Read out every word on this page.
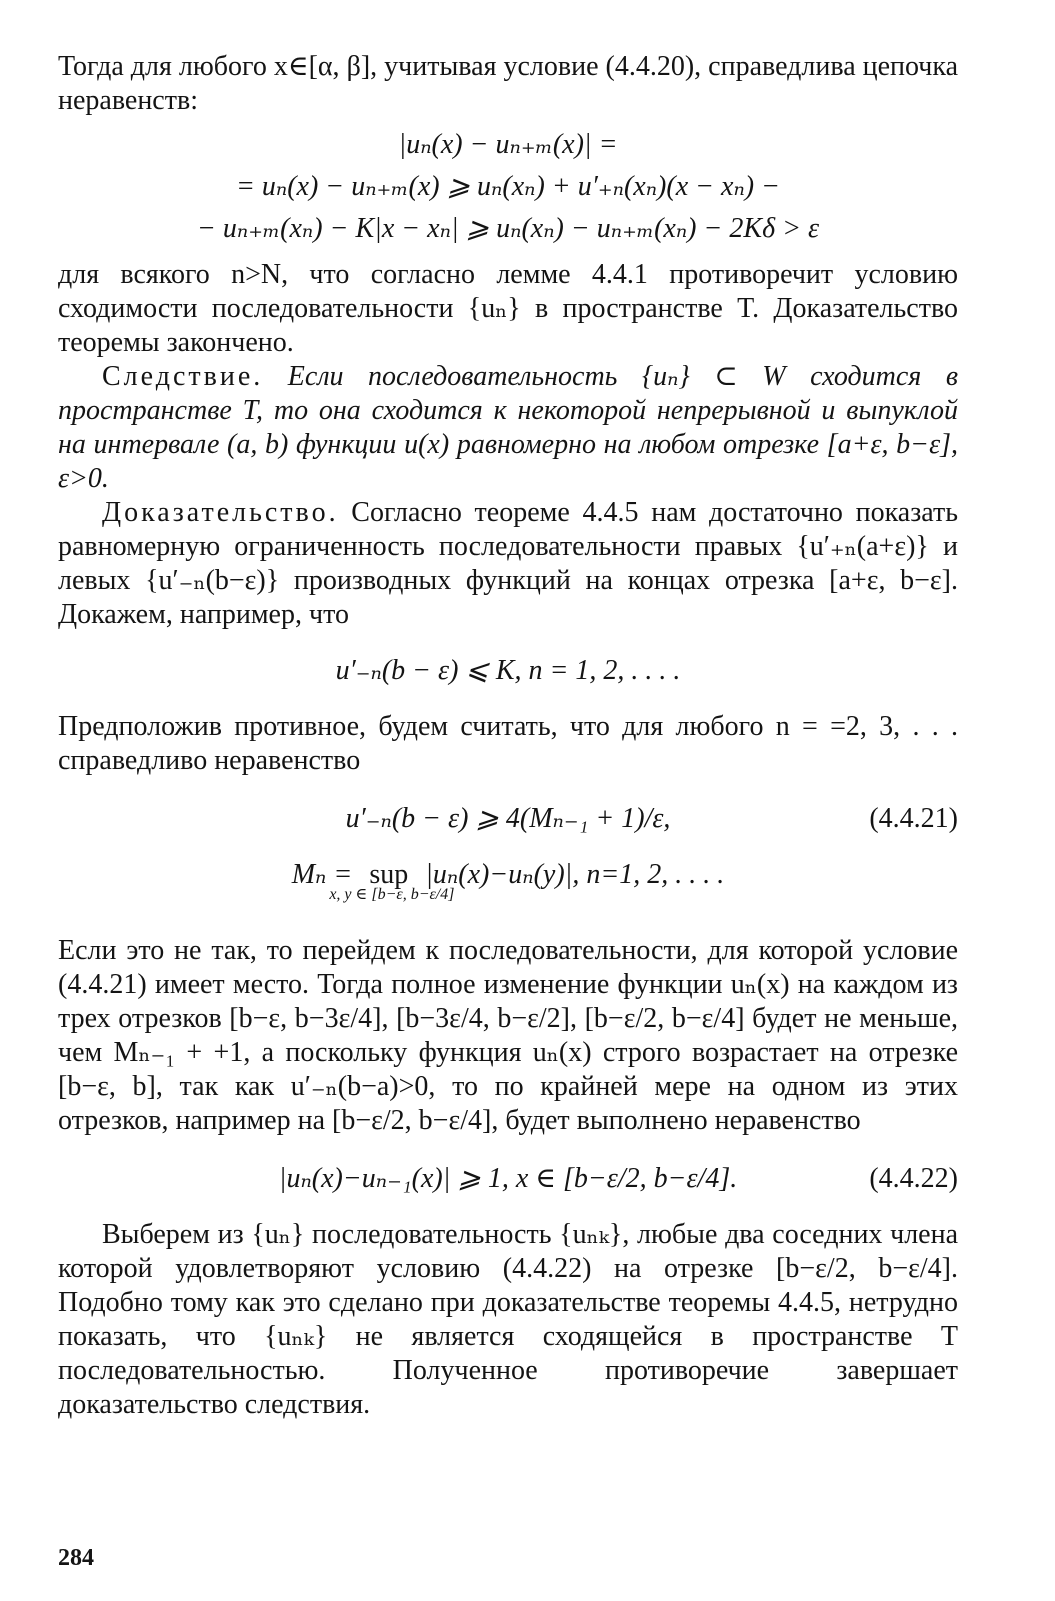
Тогда для любого x∈[α, β], учитывая условие (4.4.20), справедлива цепочка неравенств:

|uₙ(x) − uₙ₊ₘ(x)| =
= uₙ(x) − uₙ₊ₘ(x) ⩾ uₙ(xₙ) + u′₊ₙ(xₙ)(x − xₙ) −
− uₙ₊ₘ(xₙ) − K|x − xₙ| ⩾ uₙ(xₙ) − uₙ₊ₘ(xₙ) − 2Kδ > ε

для всякого n>N, что согласно лемме 4.4.1 противоречит условию сходимости последовательности {uₙ} в пространстве T. Доказательство теоремы закончено.

Следствие. Если последовательность {uₙ} ⊂ W сходится в пространстве T, то она сходится к некоторой непрерывной и выпуклой на интервале (a, b) функции u(x) равномерно на любом отрезке [a+ε, b−ε], ε>0.

Доказательство. Согласно теореме 4.4.5 нам достаточно показать равномерную ограниченность последовательности правых {u′₊ₙ(a+ε)} и левых {u′₋ₙ(b−ε)} производных функций на концах отрезка [a+ε, b−ε]. Докажем, например, что

u′₋ₙ(b − ε) ⩽ K, n = 1, 2, . . . .

Предположив противное, будем считать, что для любого n = =2, 3, . . . справедливо неравенство

u′₋ₙ(b − ε) ⩾ 4(Mₙ₋₁ + 1)/ε,	(4.4.21)
Mₙ = sup
x, y ∈ [b−ε, b−ε/4]
|uₙ(x)−uₙ(y)|, n=1, 2, . . . .

Если это не так, то перейдем к последовательности, для которой условие (4.4.21) имеет место. Тогда полное изменение функции uₙ(x) на каждом из трех отрезков [b−ε, b−3ε/4], [b−3ε/4, b−ε/2], [b−ε/2, b−ε/4] будет не меньше, чем Mₙ₋₁ + +1, а поскольку функция uₙ(x) строго возрастает на отрезке [b−ε, b], так как u′₋ₙ(b−a)>0, то по крайней мере на одном из этих отрезков, например на [b−ε/2, b−ε/4], будет выполнено неравенство

|uₙ(x)−uₙ₋₁(x)| ⩾ 1, x ∈ [b−ε/2, b−ε/4].	(4.4.22)

Выберем из {uₙ} последовательность {uₙₖ}, любые два соседних члена которой удовлетворяют условию (4.4.22) на отрезке [b−ε/2, b−ε/4]. Подобно тому как это сделано при доказательстве теоремы 4.4.5, нетрудно показать, что {uₙₖ} не является сходящейся в пространстве T последовательностью. Полученное противоречие завершает доказательство следствия.

284
